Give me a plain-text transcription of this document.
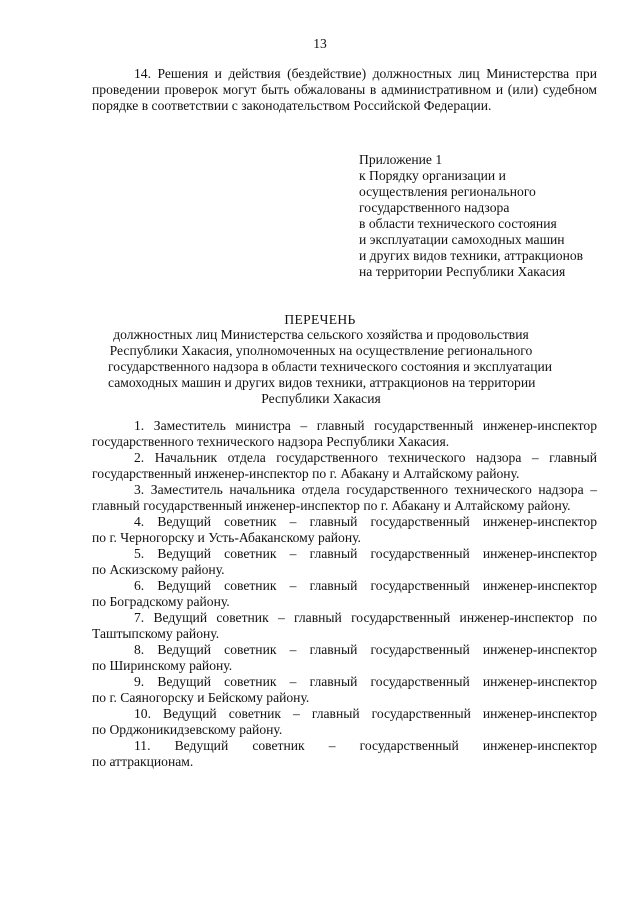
13
14. Решения и действия (бездействие) должностных лиц Министерства при проведении проверок могут быть обжалованы в административном и (или) судебном порядке в соответствии с законодательством Российской Федерации.
Приложение 1
к Порядку организации и
осуществления регионального
государственного надзора
в области технического состояния
и эксплуатации самоходных машин
и других видов техники, аттракционов
на территории Республики Хакасия
ПЕРЕЧЕНЬ
должностных лиц Министерства сельского хозяйства и продовольствия
Республики Хакасия, уполномоченных на осуществление регионального
государственного надзора в области технического состояния и эксплуатации
самоходных машин и других видов техники, аттракционов на территории
Республики Хакасия
1. Заместитель министра – главный государственный инженер-инспектор
государственного технического надзора Республики Хакасия.
2. Начальник отдела государственного технического надзора – главный
государственный инженер-инспектор по г. Абакану и Алтайскому району.
3. Заместитель начальника отдела государственного технического надзора –
главный государственный инженер-инспектор по г. Абакану и Алтайскому району.
4. Ведущий советник – главный государственный инженер-инспектор
по г. Черногорску и Усть-Абаканскому району.
5. Ведущий советник – главный государственный инженер-инспектор
по Аскизскому району.
6. Ведущий советник – главный государственный инженер-инспектор
по Боградскому району.
7. Ведущий советник – главный государственный инженер-инспектор по
Таштыпскому району.
8. Ведущий советник – главный государственный инженер-инспектор
по Ширинскому району.
9. Ведущий советник – главный государственный инженер-инспектор
по г. Саяногорску и Бейскому району.
10. Ведущий советник – главный государственный инженер-инспектор
по Орджоникидзевскому району.
11. Ведущий советник – государственный инженер-инспектор
по аттракционам.
